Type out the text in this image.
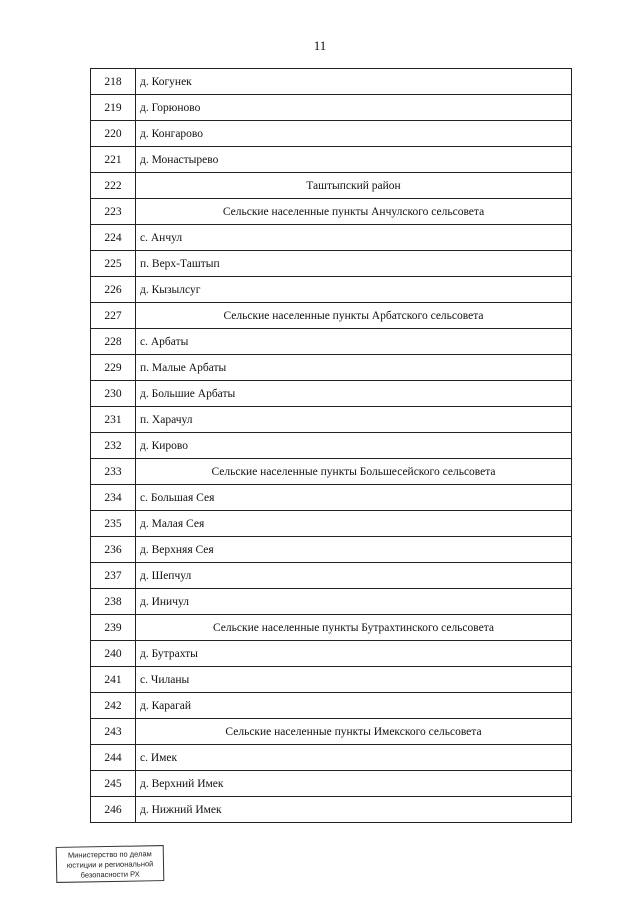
11
218	д. Когунек
219	д. Горюново
220	д. Конгарово
221	д. Монастырево
222	Таштыпский район
223	Сельские населенные пункты Анчулского сельсовета
224	с. Анчул
225	п. Верх-Таштып
226	д. Кызылсуг
227	Сельские населенные пункты Арбатского сельсовета
228	с. Арбаты
229	п. Малые Арбаты
230	д. Большие Арбаты
231	п. Харачул
232	д. Кирово
233	Сельские населенные пункты Большесейского сельсовета
234	с. Большая Сея
235	д. Малая Сея
236	д. Верхняя Сея
237	д. Шепчул
238	д. Иничул
239	Сельские населенные пункты Бутрахтинского сельсовета
240	д. Бутрахты
241	с. Чиланы
242	д. Карагай
243	Сельские населенные пункты Имекского сельсовета
244	с. Имек
245	д. Верхний Имек
246	д. Нижний Имек
Министерство по делам
юстиции и региональной
безопасности РХ
